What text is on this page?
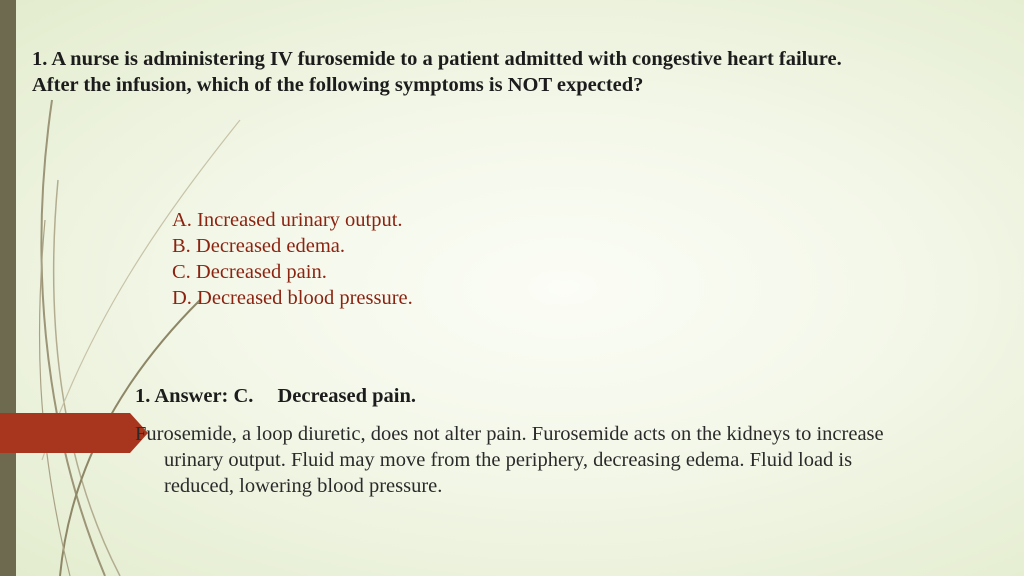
1. A nurse is administering IV furosemide to a patient admitted with congestive heart failure.
After the infusion, which of the following symptoms is NOT expected?
A. Increased urinary output.
B. Decreased edema.
C. Decreased pain.
D. Decreased blood pressure.
1. Answer: C. Decreased pain.
Furosemide, a loop diuretic, does not alter pain. Furosemide acts on the kidneys to increase
urinary output. Fluid may move from the periphery, decreasing edema. Fluid load is
reduced, lowering blood pressure.
